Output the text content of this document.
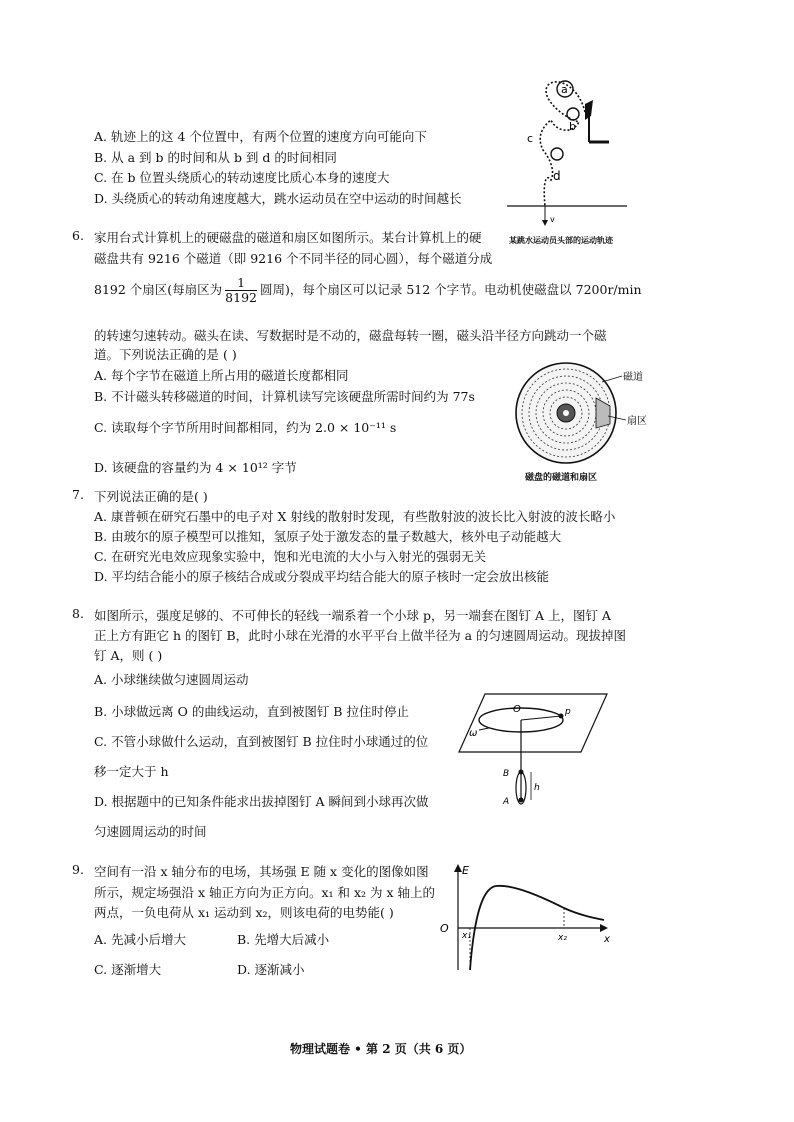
A. 轨迹上的这 4 个位置中，有两个位置的速度方向可能向下
B. 从 a 到 b 的时间和从 b 到 d 的时间相同
C. 在 b 位置头绕质心的转动速度比质心本身的速度大
D. 头绕质心的转动角速度越大，跳水运动员在空中运动的时间越长
a
b
c
d
v
某跳水运动员头部的运动轨迹
6. 家用台式计算机上的硬磁盘的磁道和扇区如图所示。某台计算机上的硬
磁盘共有 9216 个磁道（即 9216 个不同半径的同心圆），每个磁道分成
8192 个扇区(每扇区为 $\frac{1}{8192}$ 圆周)，每个扇区可以记录 512 个字节。电动机使磁盘以 7200r/min
的转速匀速转动。磁头在读、写数据时是不动的，磁盘每转一圈，磁头沿半径方向跳动一个磁
道。下列说法正确的是 ( )
A. 每个字节在磁道上所占用的磁道长度都相同
B. 不计磁头转移磁道的时间，计算机读写完该硬盘所需时间约为 77s
C. 读取每个字节所用时间都相同，约为 2.0 × 10⁻¹¹ s
D. 该硬盘的容量约为 4 × 10¹² 字节
磁道
扇区
磁盘的磁道和扇区
7. 下列说法正确的是( )
A. 康普顿在研究石墨中的电子对 X 射线的散射时发现，有些散射波的波长比入射波的波长略小
B. 由玻尔的原子模型可以推知，氢原子处于激发态的量子数越大，核外电子动能越大
C. 在研究光电效应现象实验中，饱和光电流的大小与入射光的强弱无关
D. 平均结合能小的原子核结合成或分裂成平均结合能大的原子核时一定会放出核能
8. 如图所示，强度足够的、不可伸长的轻线一端系着一个小球 p，另一端套在图钉 A 上，图钉 A
正上方有距它 h 的图钉 B，此时小球在光滑的水平平台上做半径为 a 的匀速圆周运动。现拔掉图
钉 A，则 ( )
A. 小球继续做匀速圆周运动
B. 小球做远离 O 的曲线运动，直到被图钉 B 拉住时停止
C. 不管小球做什么运动，直到被图钉 B 拉住时小球通过的位
移一定大于 h
D. 根据题中的已知条件能求出拔掉图钉 A 瞬间到小球再次做
匀速圆周运动的时间
O	p
ω
B
A
h
9. 空间有一沿 x 轴分布的电场，其场强 E 随 x 变化的图像如图
所示，规定场强沿 x 轴正方向为正方向。x₁ 和 x₂ 为 x 轴上的
两点，一负电荷从 x₁ 运动到 x₂，则该电荷的电势能( )
A. 先减小后增大	B. 先增大后减小
C. 逐渐增大	D. 逐渐减小
E
O
x
x₁	x₂
物理试题卷 • 第 2 页（共 6 页）
